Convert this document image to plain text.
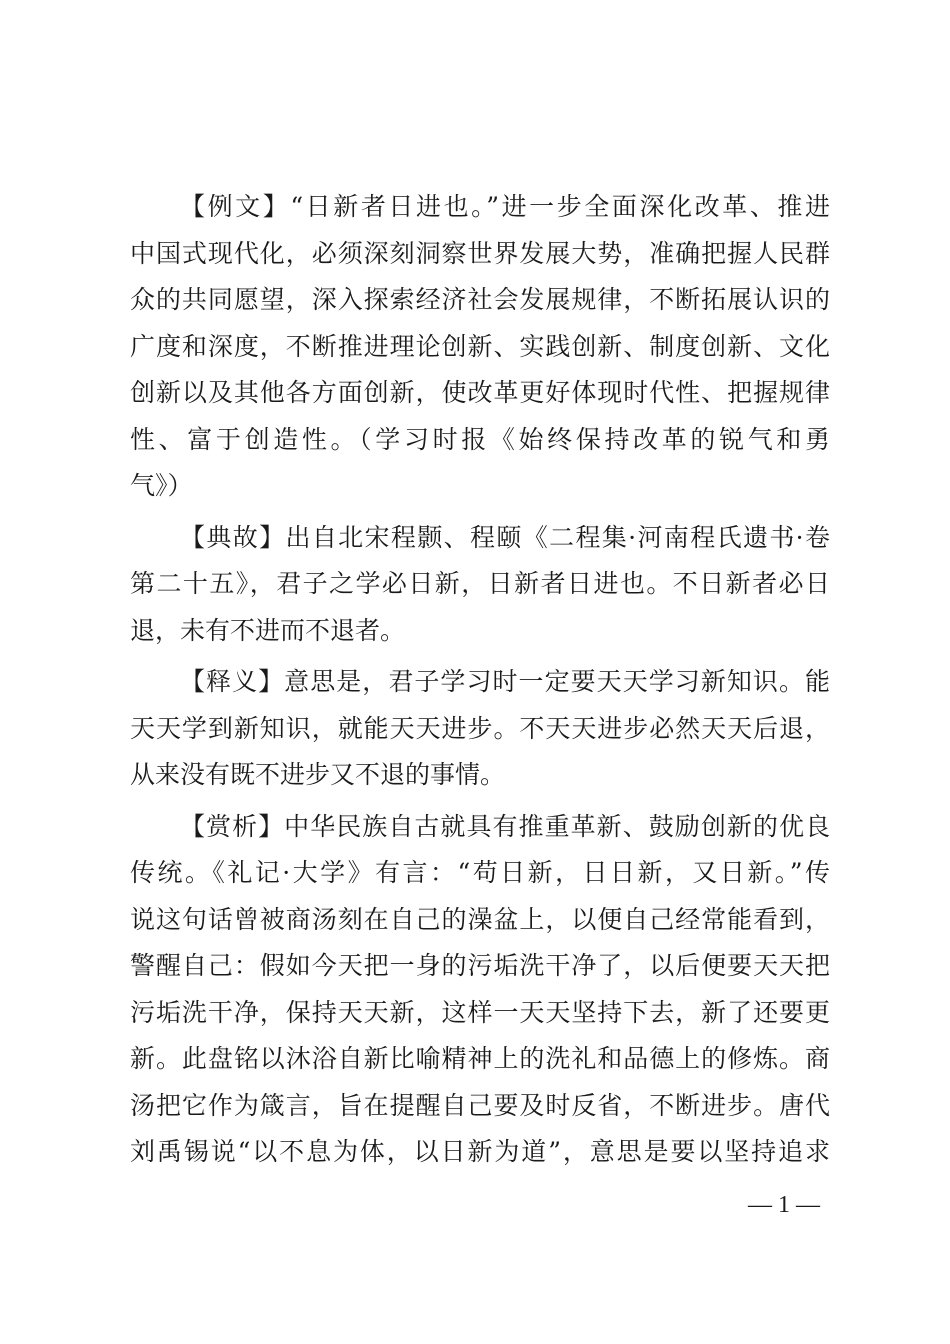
【例文】“日新者日进也。”进一步全面深化改革、推进
中国式现代化，必须深刻洞察世界发展大势，准确把握人民群
众的共同愿望，深入探索经济社会发展规律，不断拓展认识的
广度和深度，不断推进理论创新、实践创新、制度创新、文化
创新以及其他各方面创新，使改革更好体现时代性、把握规律
性、富于创造性。（学习时报《始终保持改革的锐气和勇
气》）
【典故】出自北宋程颢、程颐《二程集·河南程氏遗书·卷
第二十五》，君子之学必日新，日新者日进也。不日新者必日
退，未有不进而不退者。
【释义】意思是，君子学习时一定要天天学习新知识。能
天天学到新知识，就能天天进步。不天天进步必然天天后退，
从来没有既不进步又不退的事情。
【赏析】中华民族自古就具有推重革新、鼓励创新的优良
传统。《礼记·大学》有言：“苟日新，日日新，又日新。”传
说这句话曾被商汤刻在自己的澡盆上，以便自己经常能看到，
警醒自己：假如今天把一身的污垢洗干净了，以后便要天天把
污垢洗干净，保持天天新，这样一天天坚持下去，新了还要更
新。此盘铭以沐浴自新比喻精神上的洗礼和品德上的修炼。商
汤把它作为箴言，旨在提醒自己要及时反省，不断进步。唐代
刘禹锡说“以不息为体，以日新为道”，意思是要以坚持追求
— 1 —
